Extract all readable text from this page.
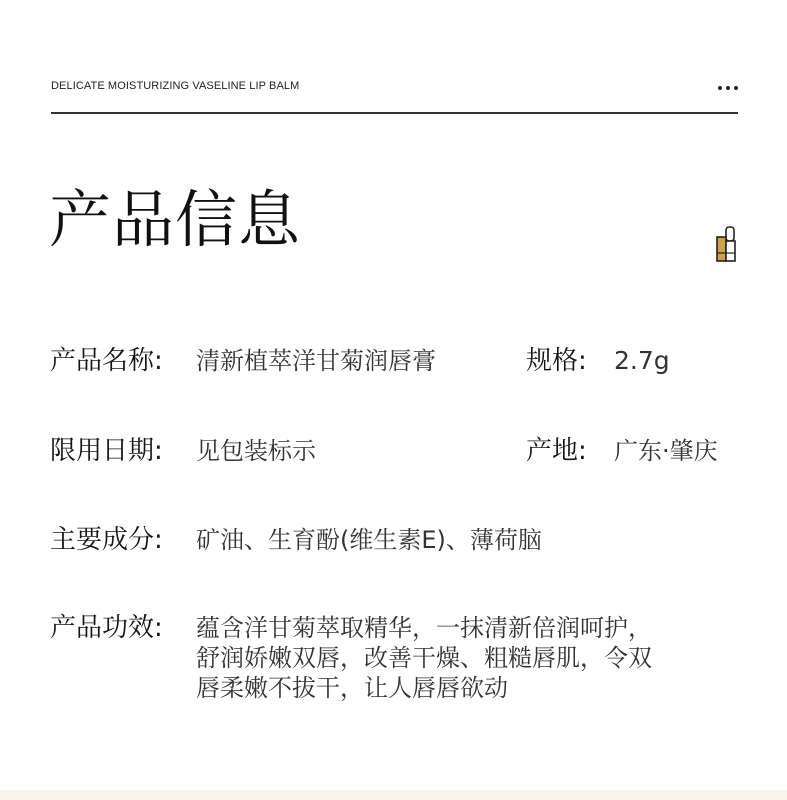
DELICATE MOISTURIZING VASELINE LIP BALM
产品信息
产品名称: 清新植萃洋甘菊润唇膏	规格: 2.7g
限用日期: 见包装标示	产地: 广东·肇庆
主要成分: 矿油、生育酚(维生素E)、薄荷脑
产品功效: 蕴含洋甘菊萃取精华，一抹清新倍润呵护，
舒润娇嫩双唇，改善干燥、粗糙唇肌，令双
唇柔嫩不拔干，让人唇唇欲动
